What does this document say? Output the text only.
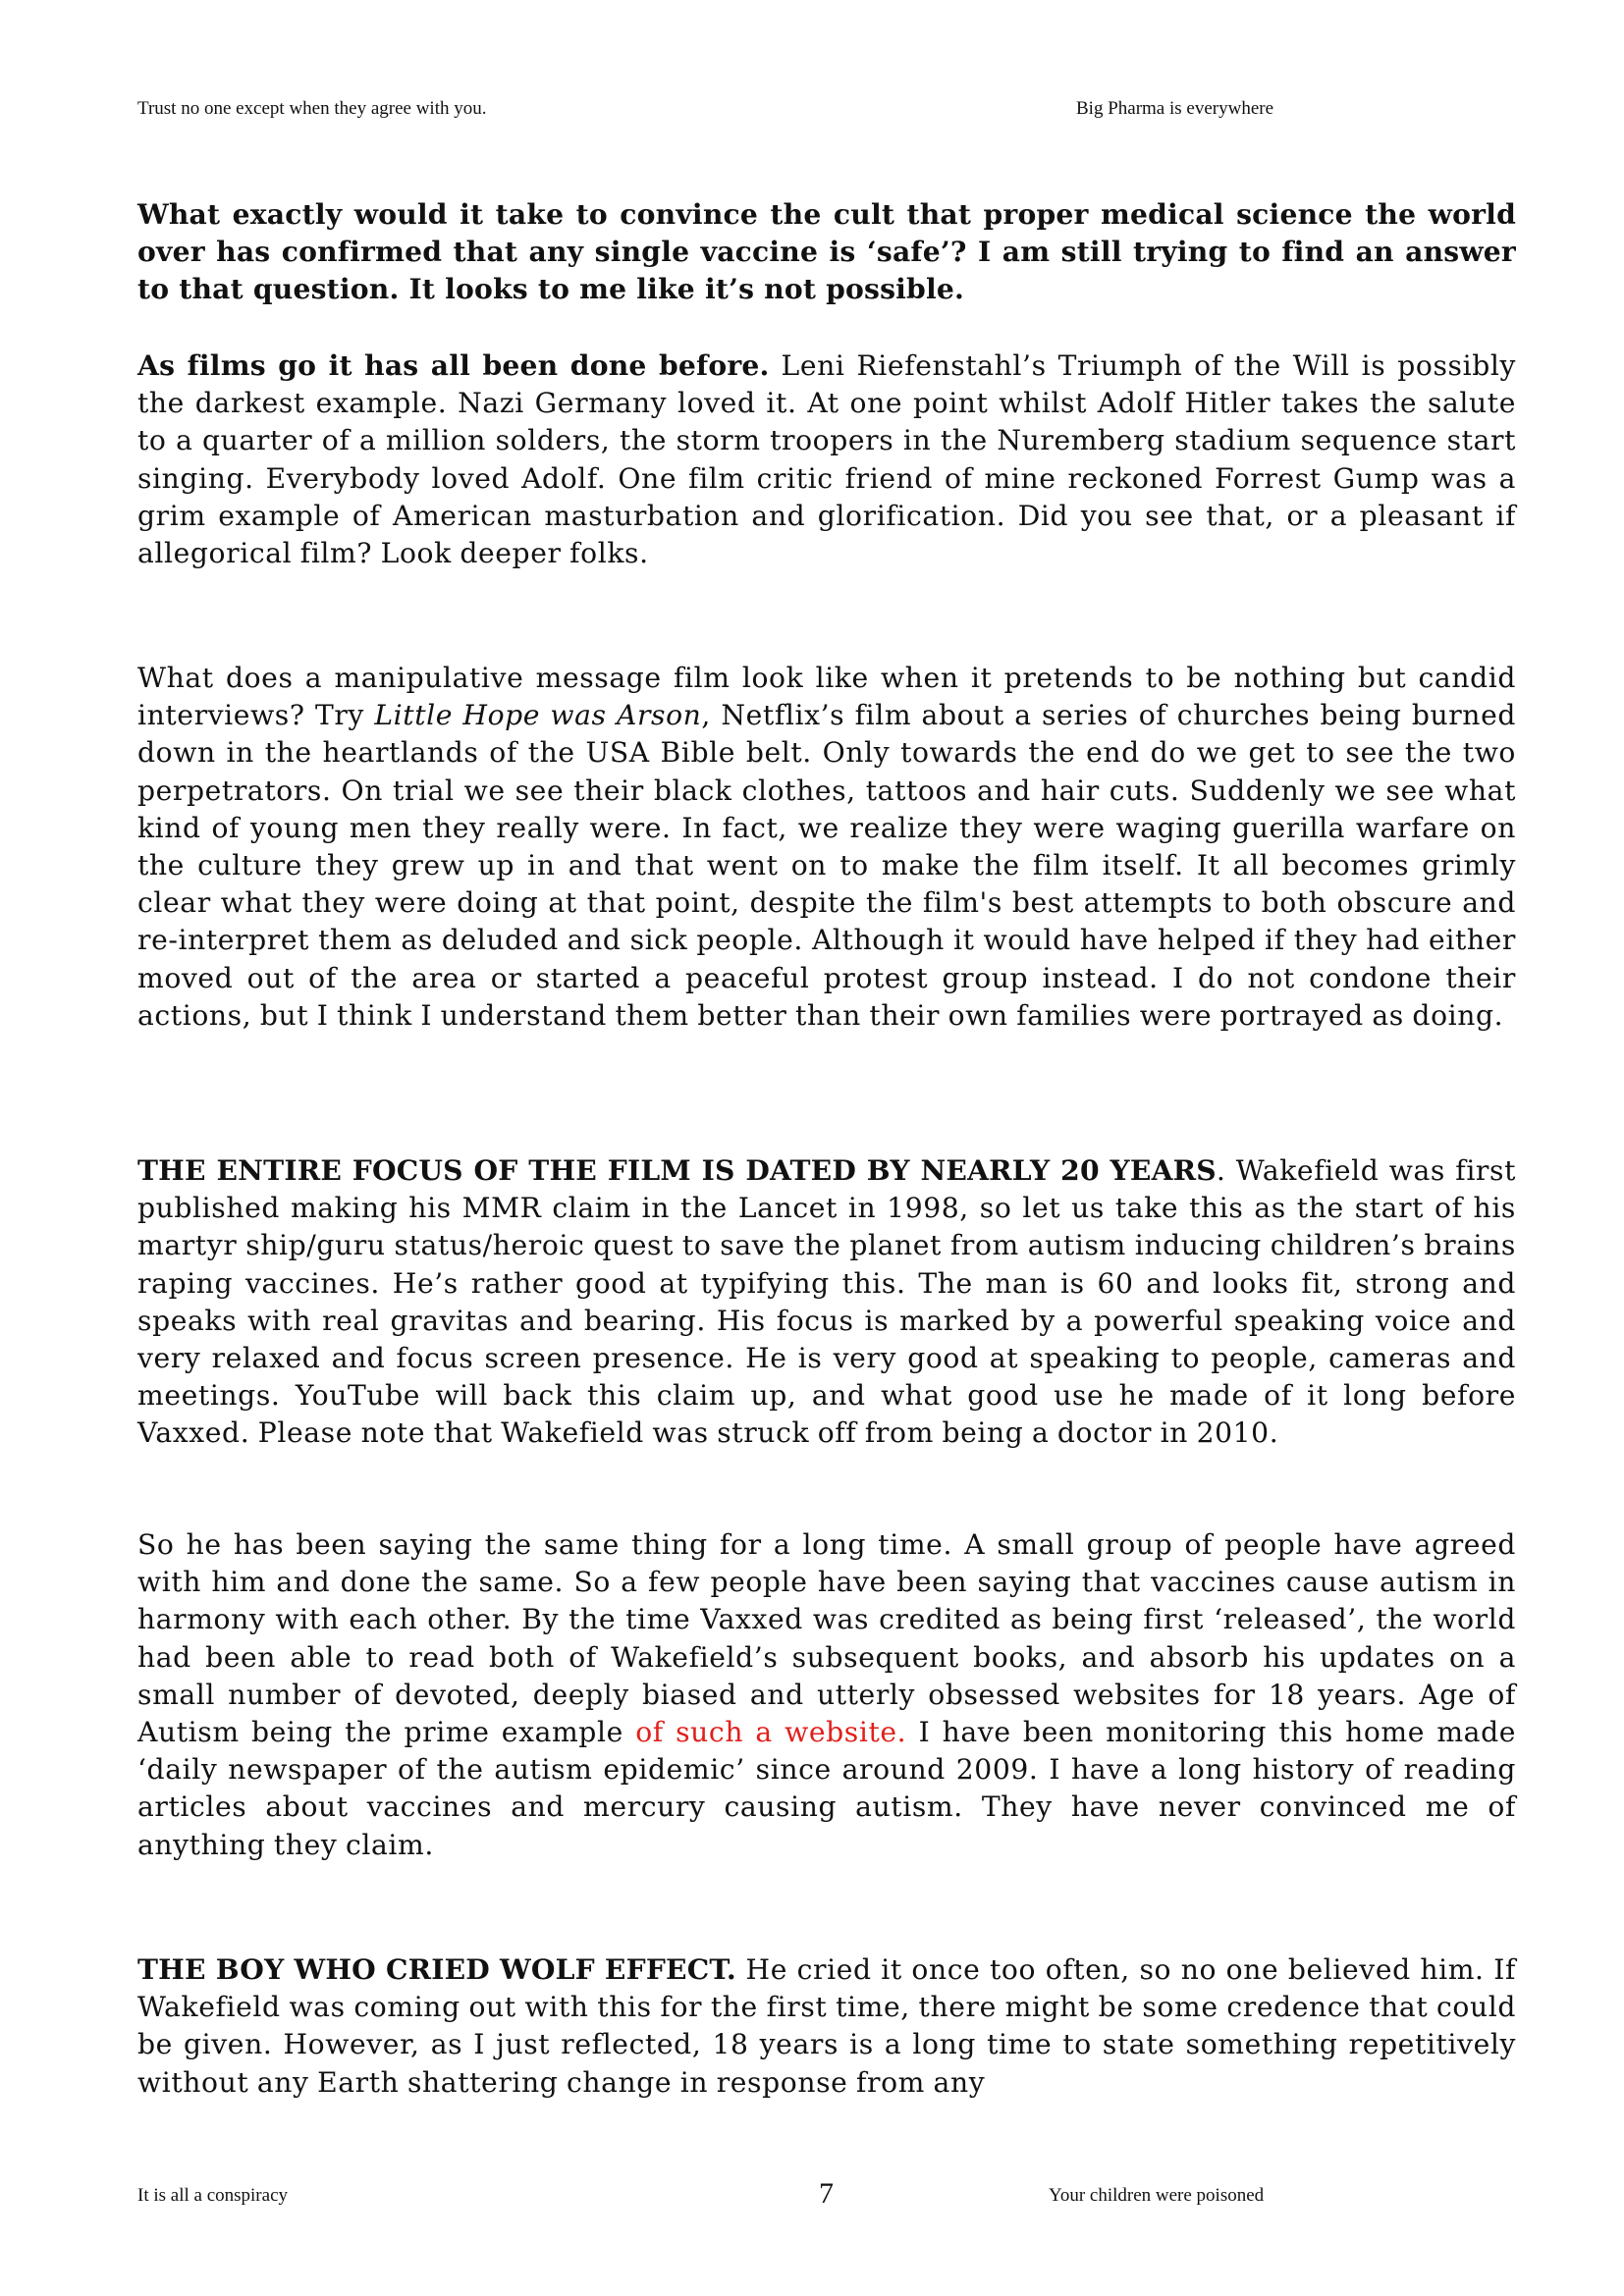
Trust no one except when they agree with you.	Big Pharma is everywhere
What exactly would it take to convince the cult that proper medical science the world over has confirmed that any single vaccine is ‘safe’? I am still trying to find an answer to that question. It looks to me like it’s not possible.
As films go it has all been done before. Leni Riefenstahl’s Triumph of the Will is possibly the darkest example. Nazi Germany loved it. At one point whilst Adolf Hitler takes the salute to a quarter of a million solders, the storm troopers in the Nuremberg stadium sequence start singing. Everybody loved Adolf. One film critic friend of mine reckoned Forrest Gump was a grim example of American masturbation and glorification. Did you see that, or a pleasant if allegorical film? Look deeper folks.
What does a manipulative message film look like when it pretends to be nothing but candid interviews? Try Little Hope was Arson, Netflix’s film about a series of churches being burned down in the heartlands of the USA Bible belt. Only towards the end do we get to see the two perpetrators. On trial we see their black clothes, tattoos and hair cuts. Suddenly we see what kind of young men they really were. In fact, we realize they were waging guerilla warfare on the culture they grew up in and that went on to make the film itself. It all becomes grimly clear what they were doing at that point, despite the film's best attempts to both obscure and re-interpret them as deluded and sick people. Although it would have helped if they had either moved out of the area or started a peaceful protest group instead. I do not condone their actions, but I think I understand them better than their own families were portrayed as doing.
THE ENTIRE FOCUS OF THE FILM IS DATED BY NEARLY 20 YEARS. Wakefield was first published making his MMR claim in the Lancet in 1998, so let us take this as the start of his martyr ship/guru status/heroic quest to save the planet from autism inducing children’s brains raping vaccines. He’s rather good at typifying this. The man is 60 and looks fit, strong and speaks with real gravitas and bearing. His focus is marked by a powerful speaking voice and very relaxed and focus screen presence. He is very good at speaking to people, cameras and meetings. YouTube will back this claim up, and what good use he made of it long before Vaxxed. Please note that Wakefield was struck off from being a doctor in 2010.
So he has been saying the same thing for a long time. A small group of people have agreed with him and done the same. So a few people have been saying that vaccines cause autism in harmony with each other. By the time Vaxxed was credited as being first ‘released’, the world had been able to read both of Wakefield’s subsequent books, and absorb his updates on a small number of devoted, deeply biased and utterly obsessed websites for 18 years. Age of Autism being the prime example of such a website. I have been monitoring this home made ‘daily newspaper of the autism epidemic’ since around 2009. I have a long history of reading articles about vaccines and mercury causing autism. They have never convinced me of anything they claim.
THE BOY WHO CRIED WOLF EFFECT. He cried it once too often, so no one believed him. If Wakefield was coming out with this for the first time, there might be some credence that could be given. However, as I just reflected, 18 years is a long time to state something repetitively without any Earth shattering change in response from any
It is all a conspiracy	7	Your children were poisoned
